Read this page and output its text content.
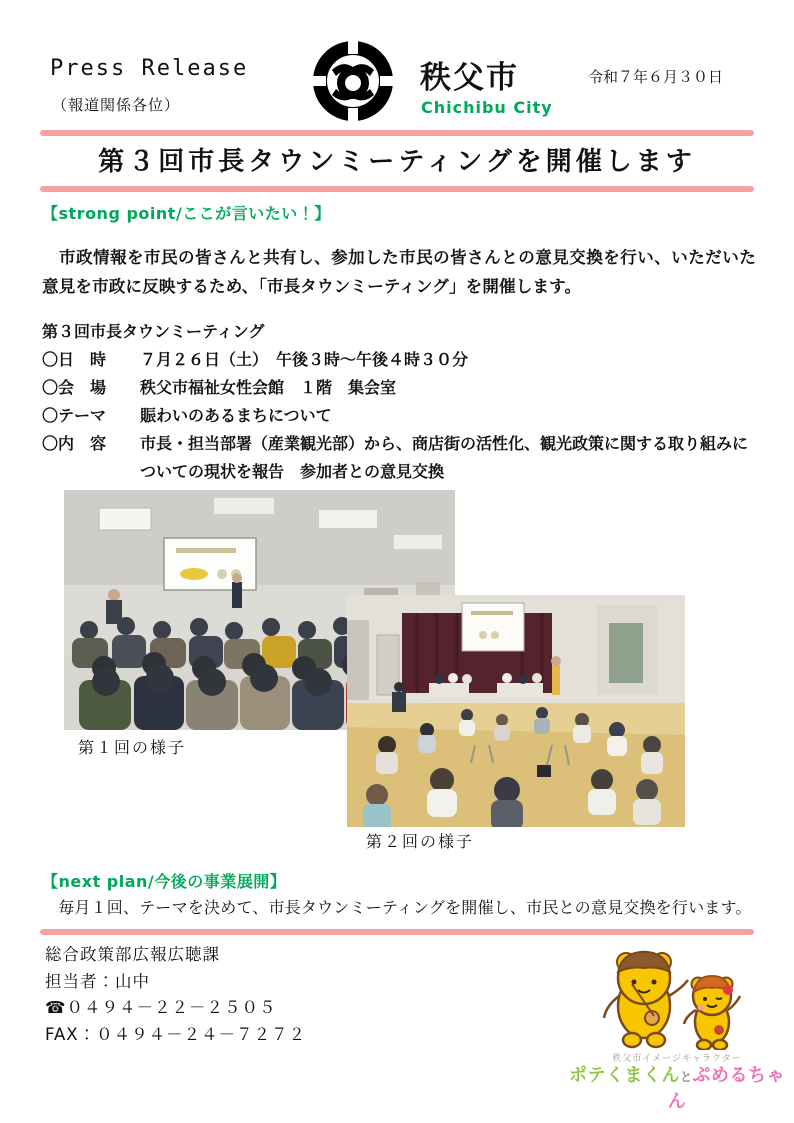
Press Release
（報道関係各位）
秩父市
Chichibu City
令和７年６月３０日
第３回市長タウンミーティングを開催します
【strong point/ここが言いたい！】
　市政情報を市民の皆さんと共有し、参加した市民の皆さんとの意見交換を行い、いただいた意見を市政に反映するため、「市長タウンミーティング」を開催します。
第３回市長タウンミーティング
〇日　時	７月２６日（土）　午後３時～午後４時３０分
〇会　場	秩父市福祉女性会館　１階　集会室
〇テーマ	賑わいのあるまちについて
〇内　容	市長・担当部署（産業観光部）から、商店街の活性化、観光政策に関する取り組みについての現状を報告　参加者との意見交換
第１回の様子
第２回の様子
【next plan/今後の事業展開】
　毎月１回、テーマを決めて、市長タウンミーティングを開催し、市民との意見交換を行います。
総合政策部広報広聴課
担当者：山中
☎０４９４－２２－２５０５
FAX：０４９４－２４－７２７２
秩父市イメージキャラクター
ポテくまくんとぷめるちゃん
